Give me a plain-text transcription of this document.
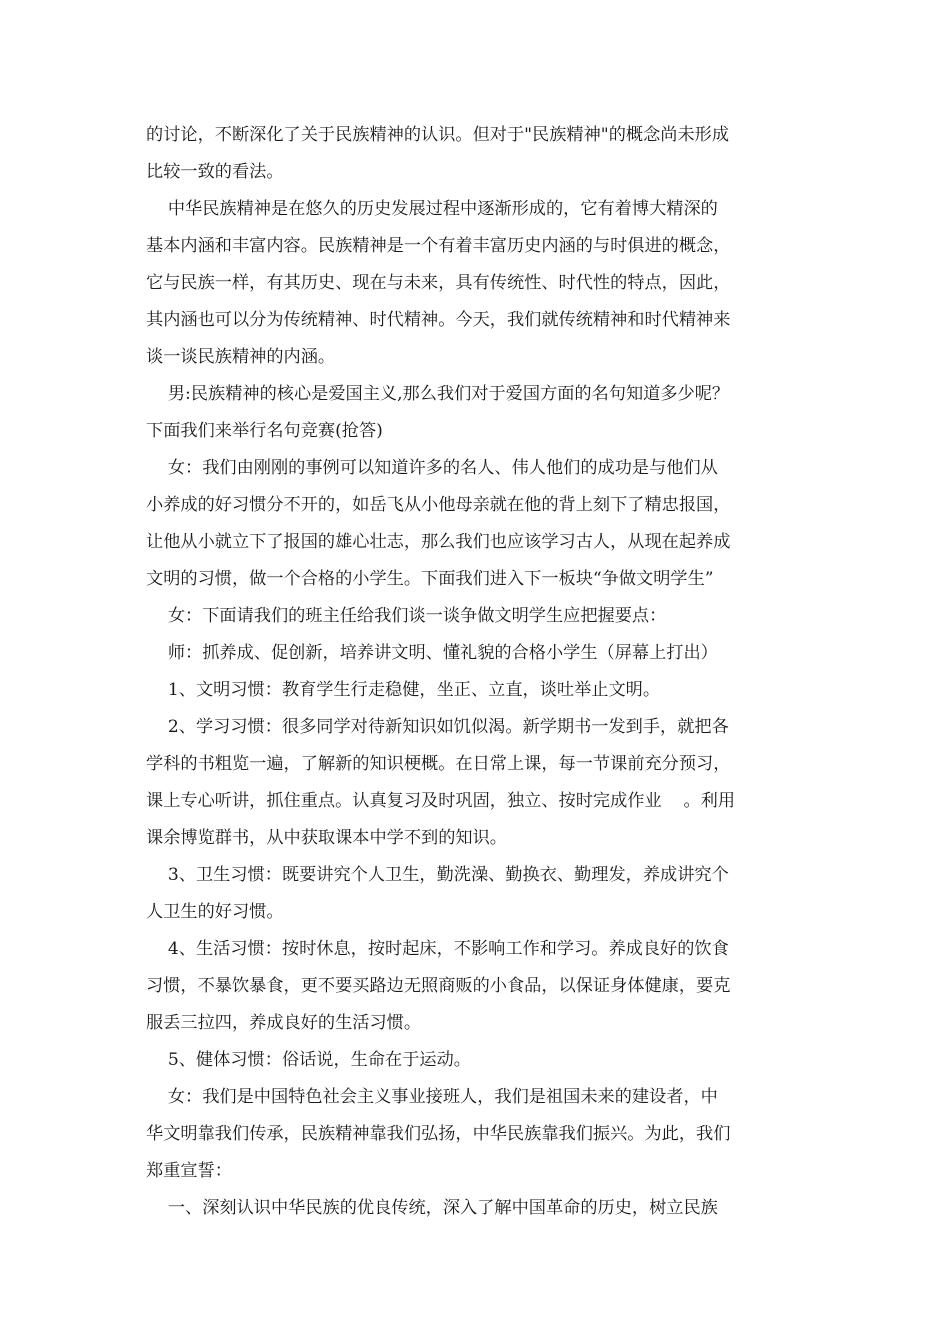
的讨论，不断深化了关于民族精神的认识。但对于"民族精神"的概念尚未形成
比较一致的看法。
中华民族精神是在悠久的历史发展过程中逐渐形成的，它有着博大精深的
基本内涵和丰富内容。民族精神是一个有着丰富历史内涵的与时俱进的概念，
它与民族一样，有其历史、现在与未来，具有传统性、时代性的特点，因此，
其内涵也可以分为传统精神、时代精神。今天，我们就传统精神和时代精神来
谈一谈民族精神的内涵。
男:民族精神的核心是爱国主义,那么我们对于爱国方面的名句知道多少呢？
下面我们来举行名句竞赛(抢答)
女：我们由刚刚的事例可以知道许多的名人、伟人他们的成功是与他们从
小养成的好习惯分不开的，如岳飞从小他母亲就在他的背上刻下了精忠报国，
让他从小就立下了报国的雄心壮志，那么我们也应该学习古人，从现在起养成
文明的习惯，做一个合格的小学生。下面我们进入下一板块“争做文明学生”
女：下面请我们的班主任给我们谈一谈争做文明学生应把握要点：
师：抓养成、促创新，培养讲文明、懂礼貌的合格小学生（屏幕上打出）
1、文明习惯：教育学生行走稳健，坐正、立直，谈吐举止文明。
2、学习习惯：很多同学对待新知识如饥似渴。新学期书一发到手，就把各
学科的书粗览一遍，了解新的知识梗概。在日常上课，每一节课前充分预习，
课上专心听讲，抓住重点。认真复习及时巩固，独立、按时完成作业    。利用
课余博览群书，从中获取课本中学不到的知识。
3、卫生习惯：既要讲究个人卫生，勤洗澡、勤换衣、勤理发，养成讲究个
人卫生的好习惯。
4、生活习惯：按时休息，按时起床，不影响工作和学习。养成良好的饮食
习惯，不暴饮暴食，更不要买路边无照商贩的小食品，以保证身体健康，要克
服丢三拉四，养成良好的生活习惯。
5、健体习惯：俗话说，生命在于运动。
女：我们是中国特色社会主义事业接班人，我们是祖国未来的建设者，中
华文明靠我们传承，民族精神靠我们弘扬，中华民族靠我们振兴。为此，我们
郑重宣誓：
一、深刻认识中华民族的优良传统，深入了解中国革命的历史，树立民族
